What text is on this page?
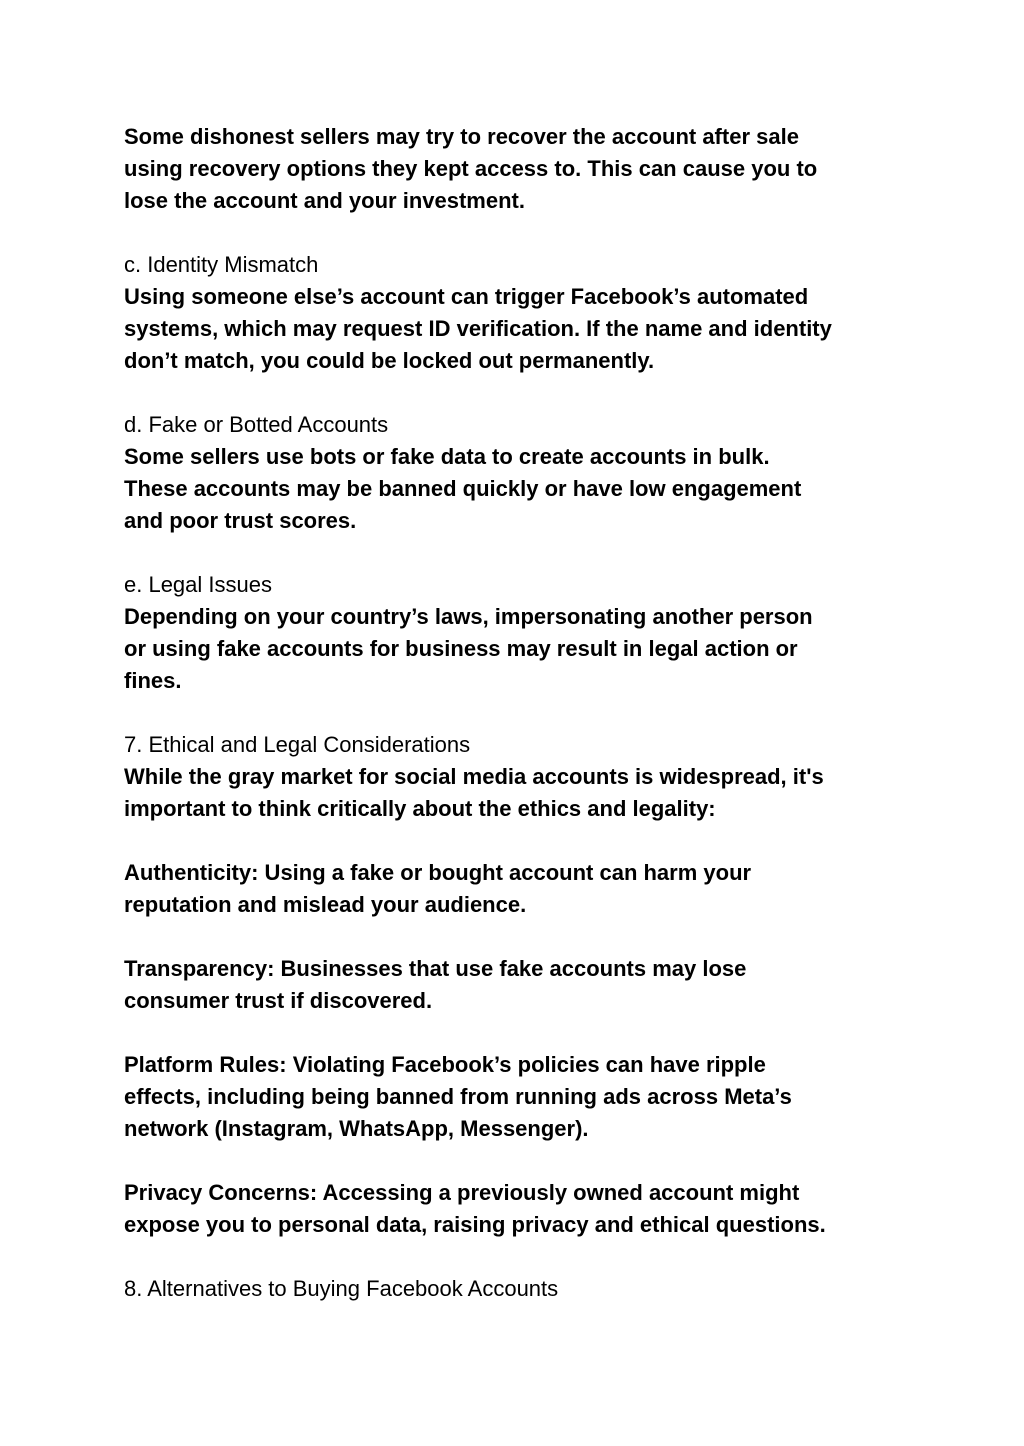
Some dishonest sellers may try to recover the account after sale
using recovery options they kept access to. This can cause you to
lose the account and your investment.

c. Identity Mismatch

Using someone else’s account can trigger Facebook’s automated
systems, which may request ID verification. If the name and identity
don’t match, you could be locked out permanently.

d. Fake or Botted Accounts

Some sellers use bots or fake data to create accounts in bulk.
These accounts may be banned quickly or have low engagement
and poor trust scores.

e. Legal Issues

Depending on your country’s laws, impersonating another person
or using fake accounts for business may result in legal action or
fines.

7. Ethical and Legal Considerations

While the gray market for social media accounts is widespread, it's
important to think critically about the ethics and legality:

Authenticity: Using a fake or bought account can harm your
reputation and mislead your audience.

Transparency: Businesses that use fake accounts may lose
consumer trust if discovered.

Platform Rules: Violating Facebook’s policies can have ripple
effects, including being banned from running ads across Meta’s
network (Instagram, WhatsApp, Messenger).

Privacy Concerns: Accessing a previously owned account might
expose you to personal data, raising privacy and ethical questions.

8. Alternatives to Buying Facebook Accounts
